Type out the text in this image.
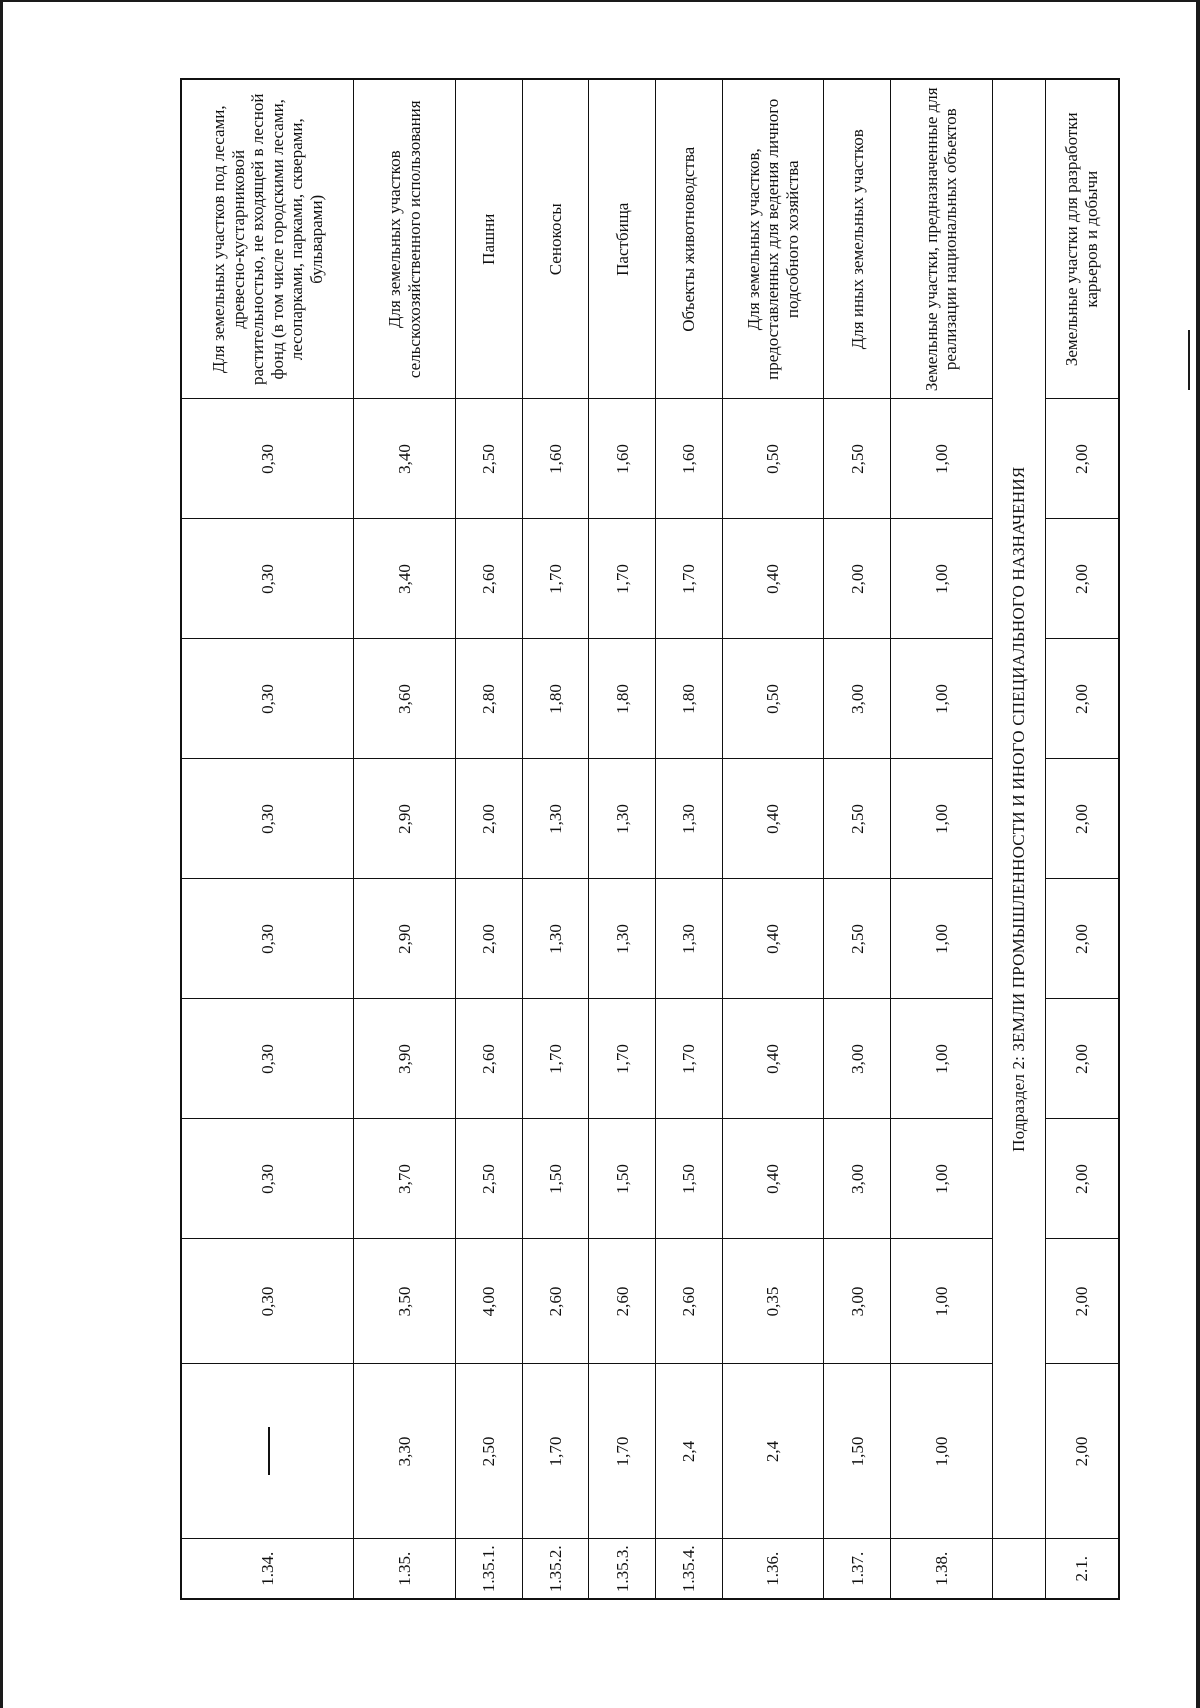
1.34.		0,30	0,30	0,30	0,30	0,30	0,30	0,30	0,30	Для земельных участков под лесами, древесно-кустарниковой растительностью, не входящей в лесной фонд (в том числе городскими лесами, лесопарками, парками, скверами, бульварами)
1.35.	3,30	3,50	3,70	3,90	2,90	2,90	3,60	3,40	3,40	Для земельных участков сельскохозяйственного использования
1.35.1.	2,50	4,00	2,50	2,60	2,00	2,00	2,80	2,60	2,50	Пашни
1.35.2.	1,70	2,60	1,50	1,70	1,30	1,30	1,80	1,70	1,60	Сенокосы
1.35.3.	1,70	2,60	1,50	1,70	1,30	1,30	1,80	1,70	1,60	Пастбища
1.35.4.	2,4	2,60	1,50	1,70	1,30	1,30	1,80	1,70	1,60	Объекты животноводства
1.36.	2,4	0,35	0,40	0,40	0,40	0,40	0,50	0,40	0,50	Для земельных участков, предоставленных для ведения личного подсобного хозяйства
1.37.	1,50	3,00	3,00	3,00	2,50	2,50	3,00	2,00	2,50	Для иных земельных участков
1.38.	1,00	1,00	1,00	1,00	1,00	1,00	1,00	1,00	1,00	Земельные участки, предназначенные для реализации национальных объектов
	Подраздел 2: ЗЕМЛИ ПРОМЫШЛЕННОСТИ И ИНОГО СПЕЦИАЛЬНОГО НАЗНАЧЕНИЯ									
2.1.	2,00	2,00	2,00	2,00	2,00	2,00	2,00	2,00	2,00	Земельные участки для разработки карьеров и добычи
